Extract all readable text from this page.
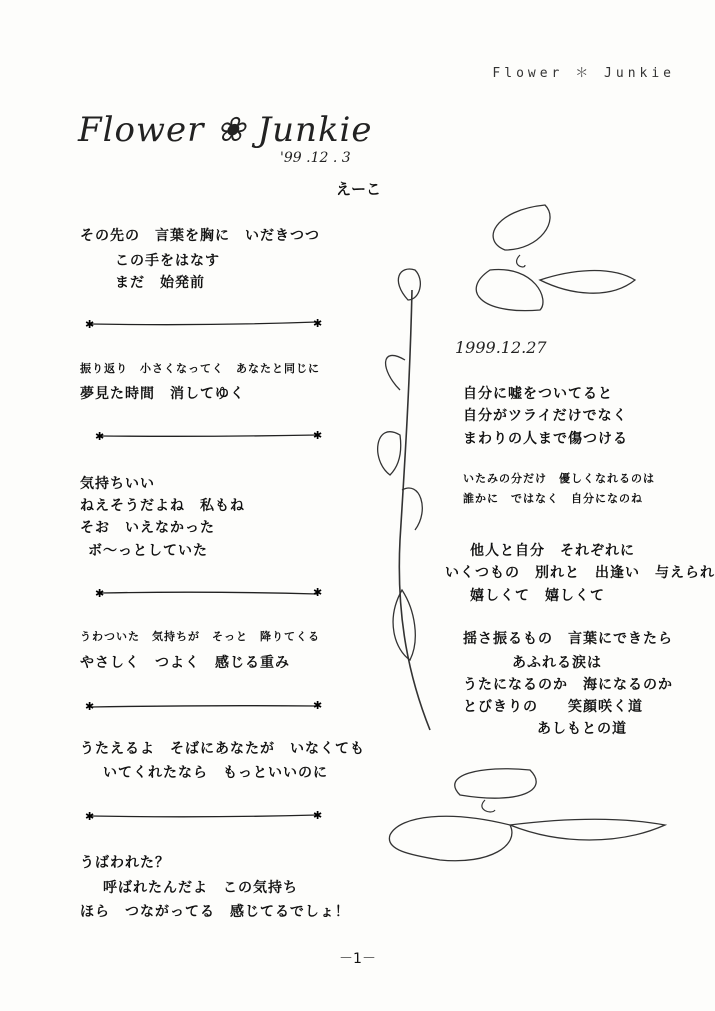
Flower ＊ Junkie
Flower ❀ Junkie
'99 .12 . 3
えーこ
その先の　言葉を胸に　いだきつつ
この手をはなす
まだ　始発前
✱	✱
振り返り　小さくなってく　あなたと同じに
夢見た時間　消してゆく
✱	✱
気持ちいい
ねえそうだよね　私もね
そお　いえなかった
ボ～っとしていた
✱	✱
うわついた　気持ちが　そっと　降りてくる
やさしく　つよく　感じる重み
✱	✱
うたえるよ　そばにあなたが　いなくても
いてくれたなら　もっといいのに
✱	✱
うばわれた？
呼ばれたんだよ　この気持ち
ほら　つながってる　感じてるでしょ！
1999.12.27
自分に嘘をついてると
自分がツライだけでなく
まわりの人まで傷つける
いたみの分だけ　優しくなれるのは
誰かに　ではなく　自分になのね
他人と自分　それぞれに
いくつもの　別れと　出逢い　与えられ
嬉しくて　嬉しくて
揺さ振るもの　言葉にできたら
あふれる涙は
うたになるのか　海になるのか
とびきりの　　笑顔咲く道
あしもとの道
－1－
